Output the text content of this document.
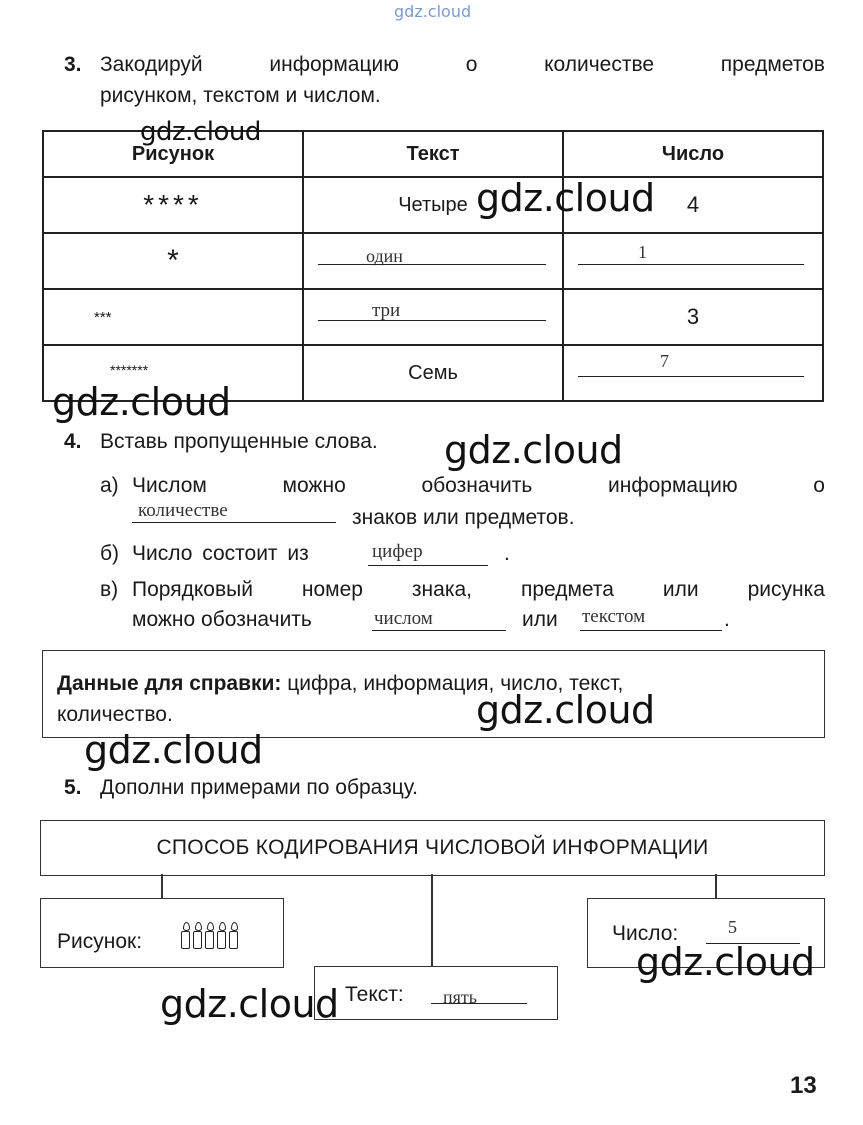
gdz.cloud
3. Закодируй	информацию	о	количестве	предметов
рисунком, текстом и числом.
Рисунок	Текст	Число
****	Четыре	4
*	один	1

***	три	3
*******	Семь	7
4. Вставь пропущенные слова.
а) Числом	можно	обозначить	информацию	о
количестве	знаков или предметов.
б) Число состоит из	цифер	.
в) Порядковый номер знака, предмета или рисунка
можно обозначить	числом	или текстом	.
Данные для справки: цифра, информация, число, текст,
количество.
5. Дополни примерами по образцу.
СПОСОБ КОДИРОВАНИЯ ЧИСЛОВОЙ ИНФОРМАЦИИ
Рисунок:	Число:	5
Текст: пять
13
gdz.cloud
gdz.cloud
gdz.cloud
gdz.cloud
gdz.cloud
gdz.cloud
gdz.cloud
gdz.cloud
